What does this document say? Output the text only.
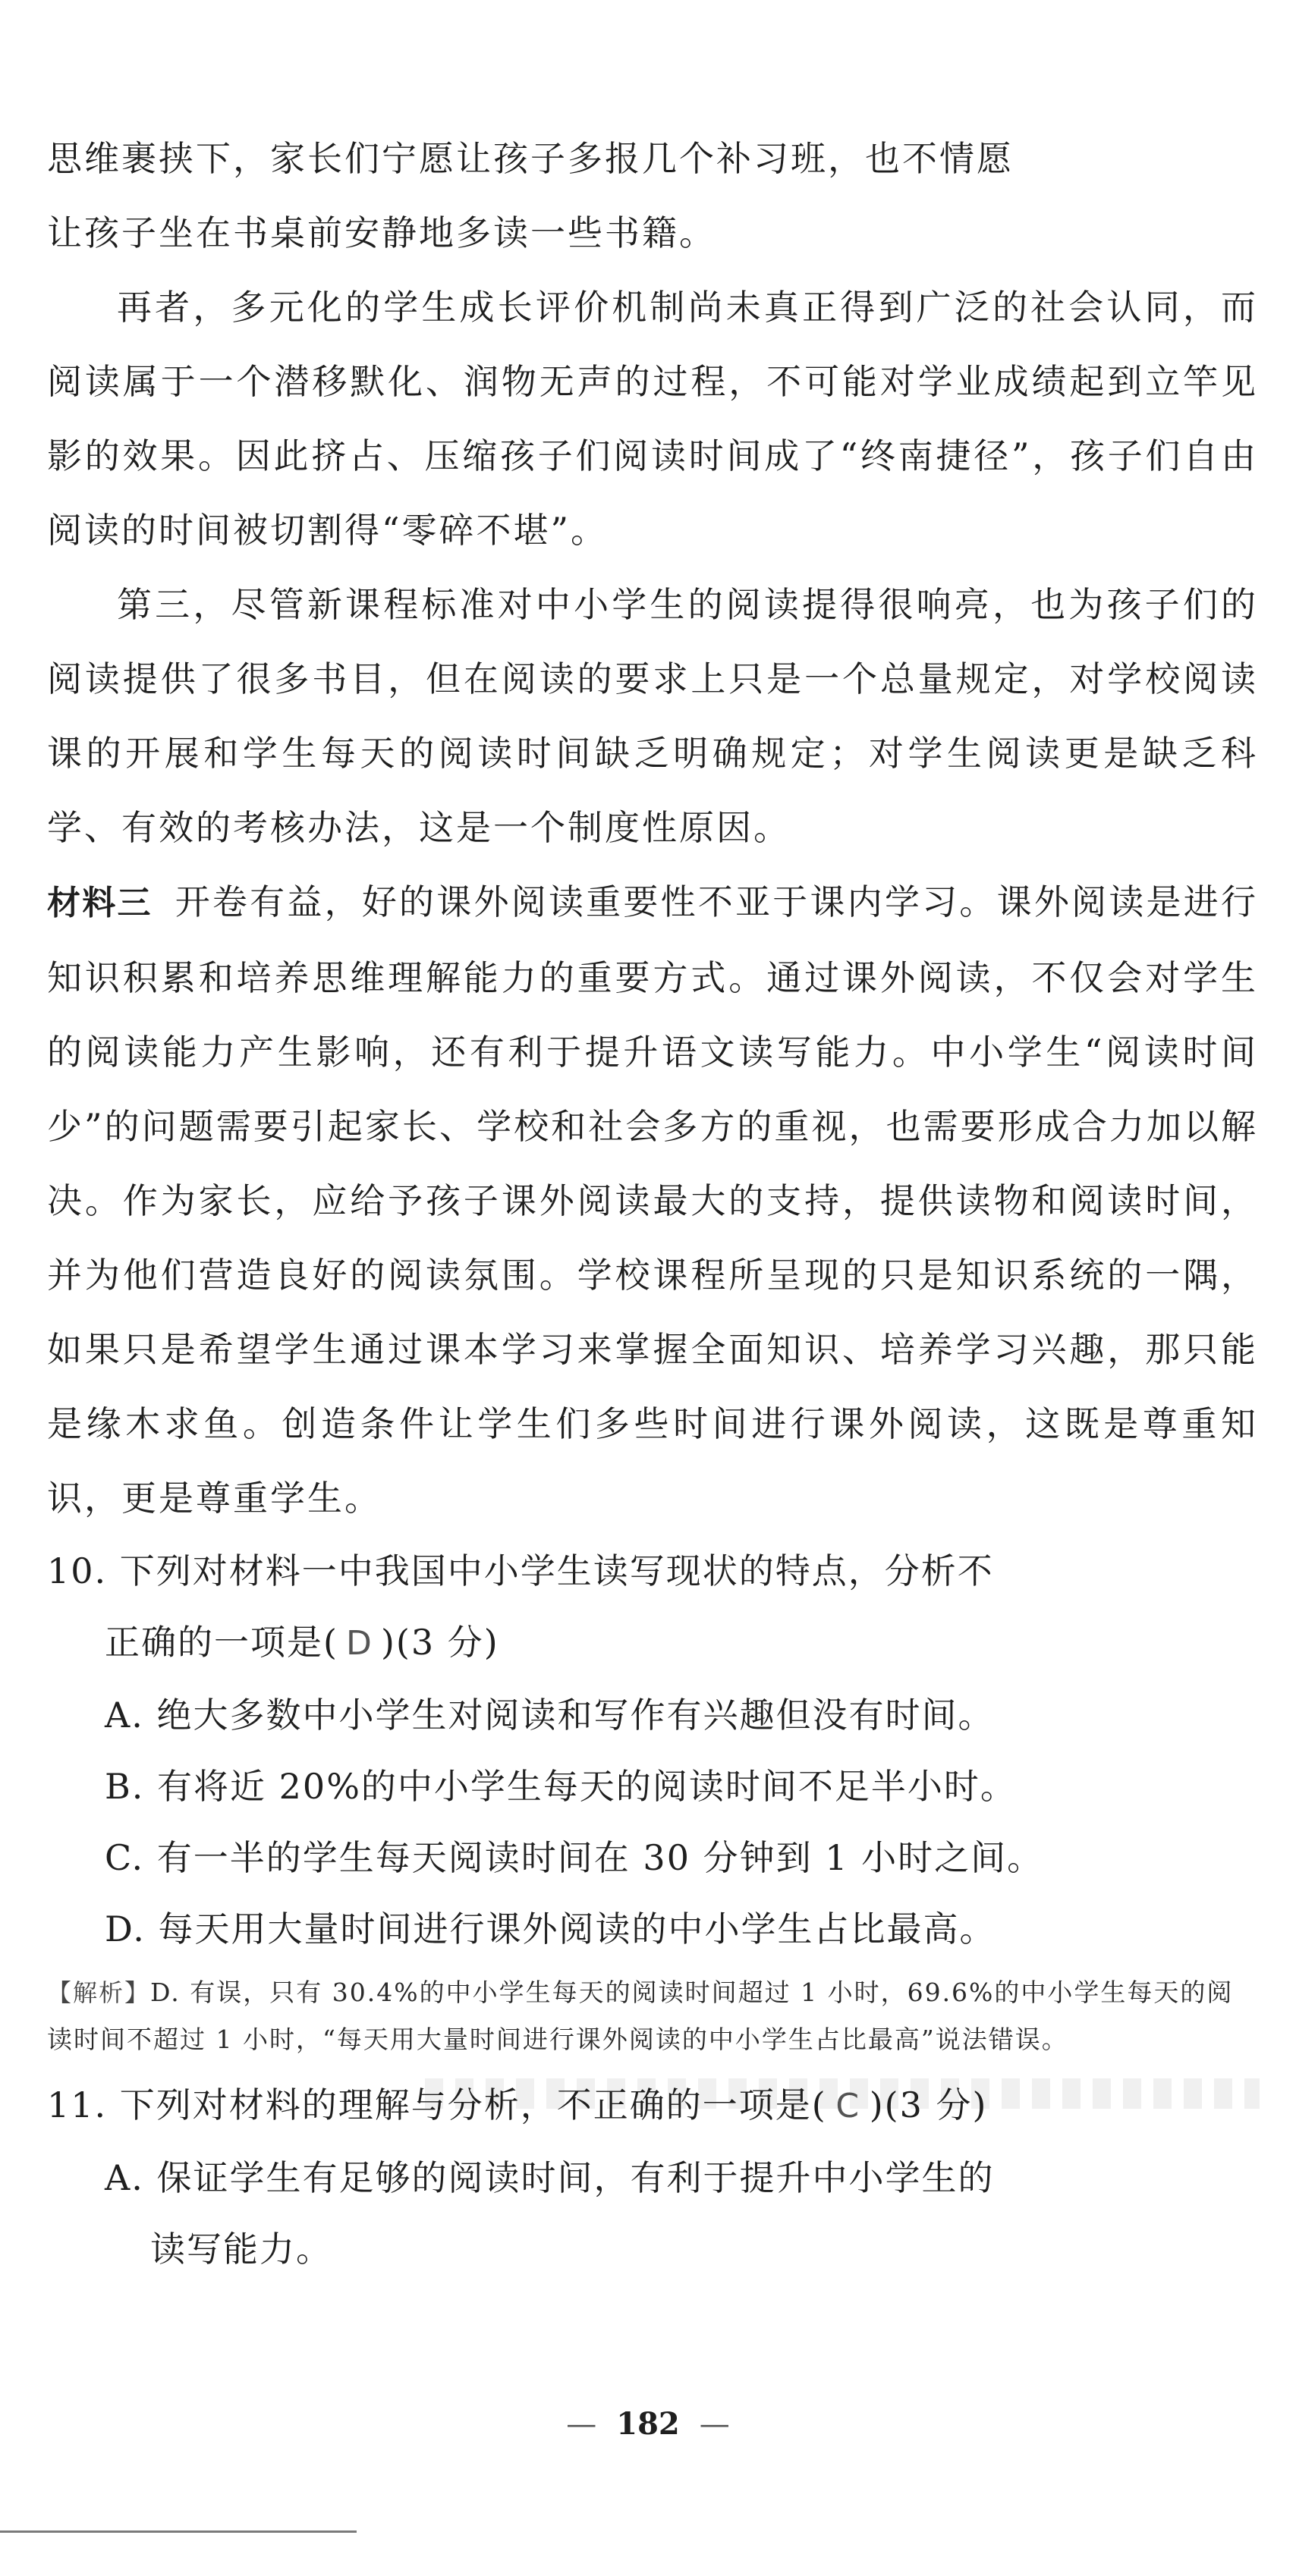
思维裹挟下，家长们宁愿让孩子多报几个补习班，也不情愿
让孩子坐在书桌前安静地多读一些书籍。

再者，多元化的学生成长评价机制尚未真正得到广泛的社会认同，而阅读属于一个潜移默化、润物无声的过程，不可能对学业成绩起到立竿见影的效果。因此挤占、压缩孩子们阅读时间成了“终南捷径”，孩子们自由阅读的时间被切割得“零碎不堪”。

第三，尽管新课程标准对中小学生的阅读提得很响亮，也为孩子们的阅读提供了很多书目，但在阅读的要求上只是一个总量规定，对学校阅读课的开展和学生每天的阅读时间缺乏明确规定；对学生阅读更是缺乏科学、有效的考核办法，这是一个制度性原因。

材料三 开卷有益，好的课外阅读重要性不亚于课内学习。课外阅读是进行知识积累和培养思维理解能力的重要方式。通过课外阅读，不仅会对学生的阅读能力产生影响，还有利于提升语文读写能力。中小学生“阅读时间少”的问题需要引起家长、学校和社会多方的重视，也需要形成合力加以解决。作为家长，应给予孩子课外阅读最大的支持，提供读物和阅读时间，并为他们营造良好的阅读氛围。学校课程所呈现的只是知识系统的一隅，如果只是希望学生通过课本学习来掌握全面知识、培养学习兴趣，那只能是缘木求鱼。创造条件让学生们多些时间进行课外阅读，这既是尊重知识，更是尊重学生。

10. 下列对材料一中我国中小学生读写现状的特点，分析不

正确的一项是( D )(3 分)

A. 绝大多数中小学生对阅读和写作有兴趣但没有时间。

B. 有将近 20%的中小学生每天的阅读时间不足半小时。

C. 有一半的学生每天阅读时间在 30 分钟到 1 小时之间。

D. 每天用大量时间进行课外阅读的中小学生占比最高。

【解析】D. 有误，只有 30.4%的中小学生每天的阅读时间超过 1 小时，69.6%的中小学生每天的阅读时间不超过 1 小时，“每天用大量时间进行课外阅读的中小学生占比最高”说法错误。

11. 下列对材料的理解与分析，不正确的一项是( C )(3 分)

A. 保证学生有足够的阅读时间，有利于提升中小学生的

读写能力。

— 182 —
